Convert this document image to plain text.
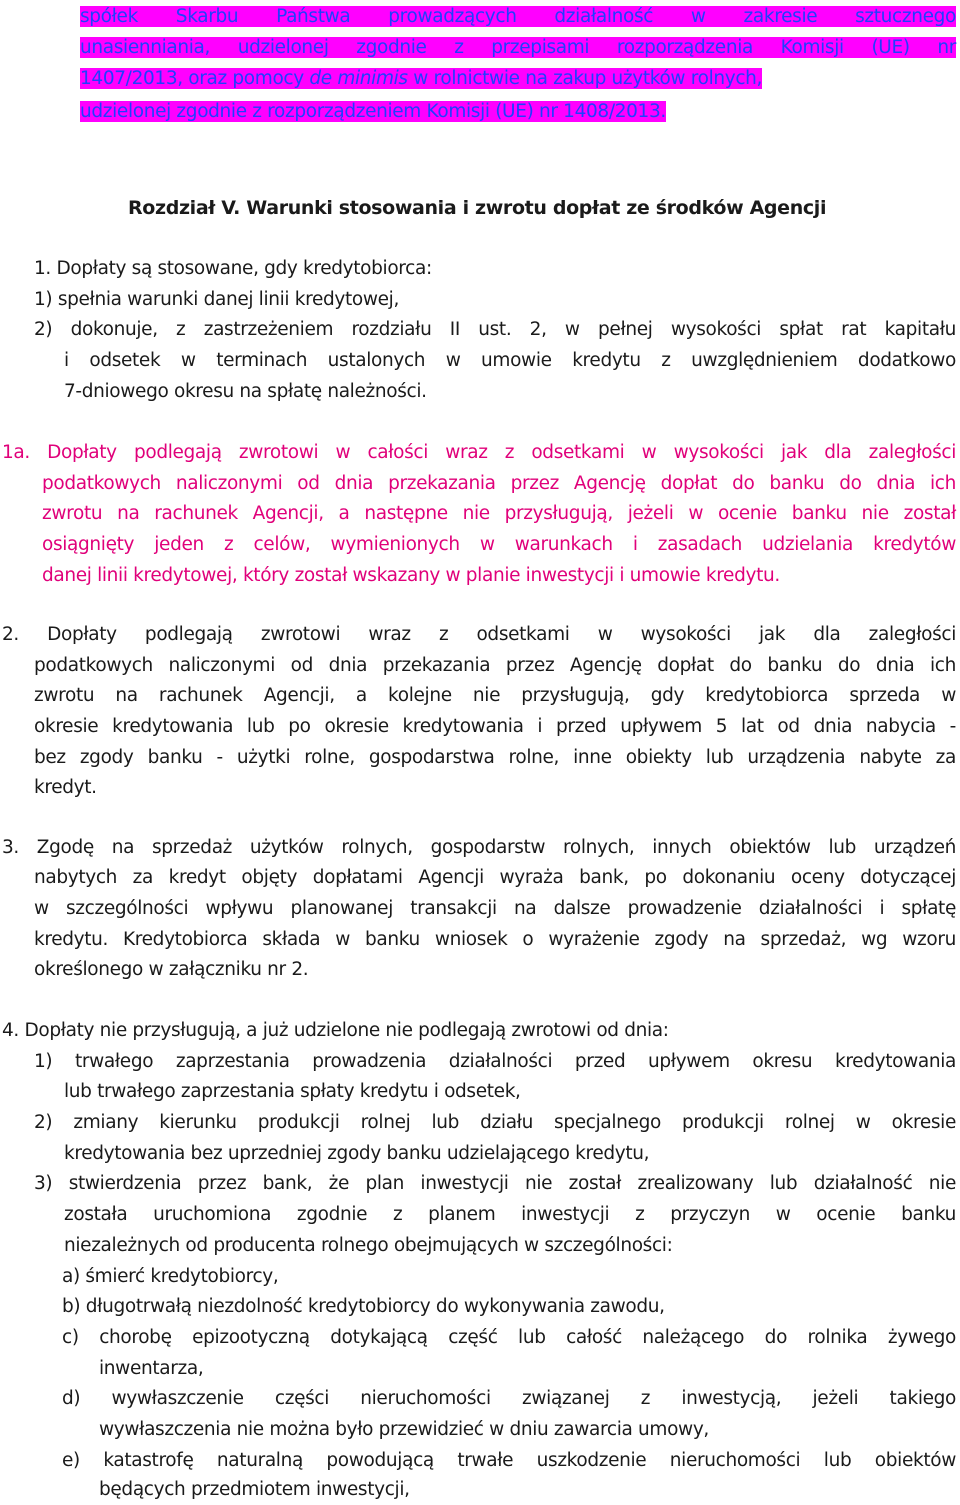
spółek Skarbu Państwa prowadzących działalność w zakresie sztucznego
unasienniania, udzielonej zgodnie z przepisami rozporządzenia Komisji (UE) nr
1407/2013, oraz pomocy de minimis w rolnictwie na zakup użytków rolnych,
udzielonej zgodnie z rozporządzeniem Komisji (UE) nr 1408/2013.
Rozdział V. Warunki stosowania i zwrotu dopłat ze środków Agencji
1. Dopłaty są stosowane, gdy kredytobiorca:
1) spełnia warunki danej linii kredytowej,
2) dokonuje, z zastrzeżeniem rozdziału II ust. 2, w pełnej wysokości spłat rat kapitału
i odsetek w terminach ustalonych w umowie kredytu z uwzględnieniem dodatkowo
7-dniowego okresu na spłatę należności.
1a. Dopłaty podlegają zwrotowi w całości wraz z odsetkami w wysokości jak dla zaległości
podatkowych naliczonymi od dnia przekazania przez Agencję dopłat do banku do dnia ich
zwrotu na rachunek Agencji, a następne nie przysługują, jeżeli w ocenie banku nie został
osiągnięty jeden z celów, wymienionych w warunkach i zasadach udzielania kredytów
danej linii kredytowej, który został wskazany w planie inwestycji i umowie kredytu.
2. Dopłaty podlegają zwrotowi wraz z odsetkami w wysokości jak dla zaległości
podatkowych naliczonymi od dnia przekazania przez Agencję dopłat do banku do dnia ich
zwrotu na rachunek Agencji, a kolejne nie przysługują, gdy kredytobiorca sprzeda w
okresie kredytowania lub po okresie kredytowania i przed upływem 5 lat od dnia nabycia -
bez zgody banku - użytki rolne, gospodarstwa rolne, inne obiekty lub urządzenia nabyte za
kredyt.
3. Zgodę na sprzedaż użytków rolnych, gospodarstw rolnych, innych obiektów lub urządzeń
nabytych za kredyt objęty dopłatami Agencji wyraża bank, po dokonaniu oceny dotyczącej
w szczególności wpływu planowanej transakcji na dalsze prowadzenie działalności i spłatę
kredytu. Kredytobiorca składa w banku wniosek o wyrażenie zgody na sprzedaż, wg wzoru
określonego w załączniku nr 2.
4. Dopłaty nie przysługują, a już udzielone nie podlegają zwrotowi od dnia:
1) trwałego zaprzestania prowadzenia działalności przed upływem okresu kredytowania
lub trwałego zaprzestania spłaty kredytu i odsetek,
2) zmiany kierunku produkcji rolnej lub działu specjalnego produkcji rolnej w okresie
kredytowania bez uprzedniej zgody banku udzielającego kredytu,
3) stwierdzenia przez bank, że plan inwestycji nie został zrealizowany lub działalność nie
została uruchomiona zgodnie z planem inwestycji z przyczyn w ocenie banku
niezależnych od producenta rolnego obejmujących w szczególności:
a) śmierć kredytobiorcy,
b) długotrwałą niezdolność kredytobiorcy do wykonywania zawodu,
c) chorobę epizootyczną dotykającą część lub całość należącego do rolnika żywego
inwentarza,
d) wywłaszczenie części nieruchomości związanej z inwestycją, jeżeli takiego
wywłaszczenia nie można było przewidzieć w dniu zawarcia umowy,
e) katastrofę naturalną powodującą trwałe uszkodzenie nieruchomości lub obiektów
będących przedmiotem inwestycji,
